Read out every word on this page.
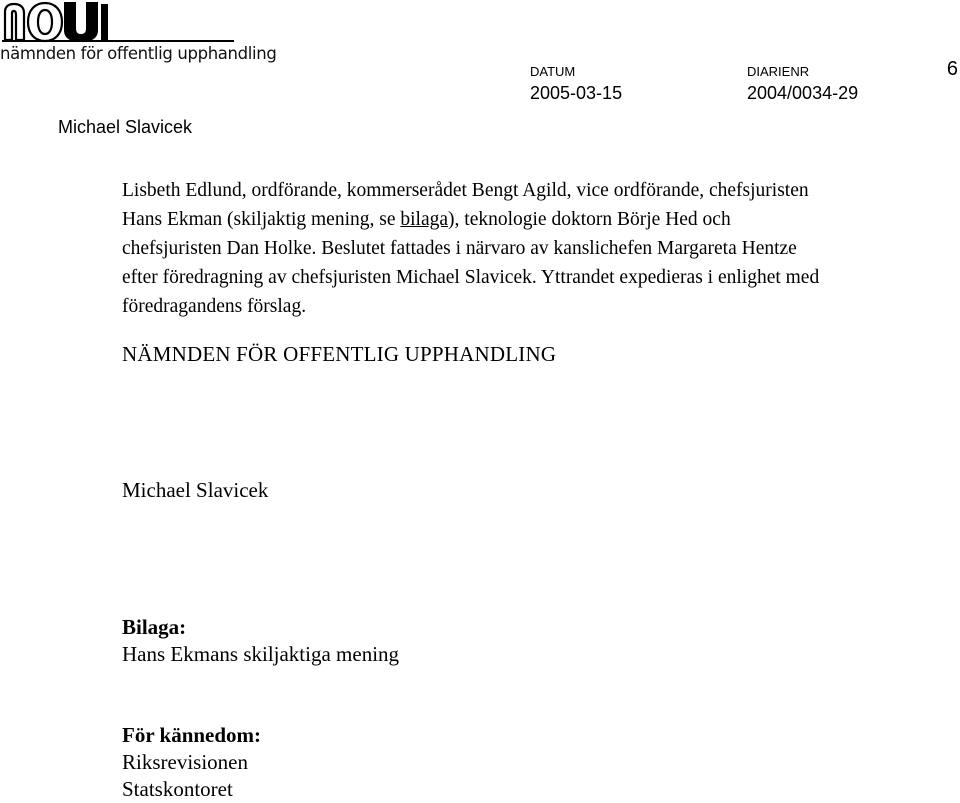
nämnden för offentlig upphandling
DATUM
2005-03-15
DIARIENR
2004/0034-29
6
Michael Slavicek
Lisbeth Edlund, ordförande, kommerserådet Bengt Agild, vice ordförande, chefsjuristen Hans Ekman (skiljaktig mening, se bilaga), teknologie doktorn Börje Hed och chefsjuristen Dan Holke. Beslutet fattades i närvaro av kanslichefen Margareta Hentze efter föredragning av chefsjuristen Michael Slavicek. Yttrandet expedieras i enlighet med föredragandens förslag.
NÄMNDEN FÖR OFFENTLIG UPPHANDLING
Michael Slavicek
Bilaga:
Hans Ekmans skiljaktiga mening
För kännedom:
Riksrevisionen
Statskontoret
